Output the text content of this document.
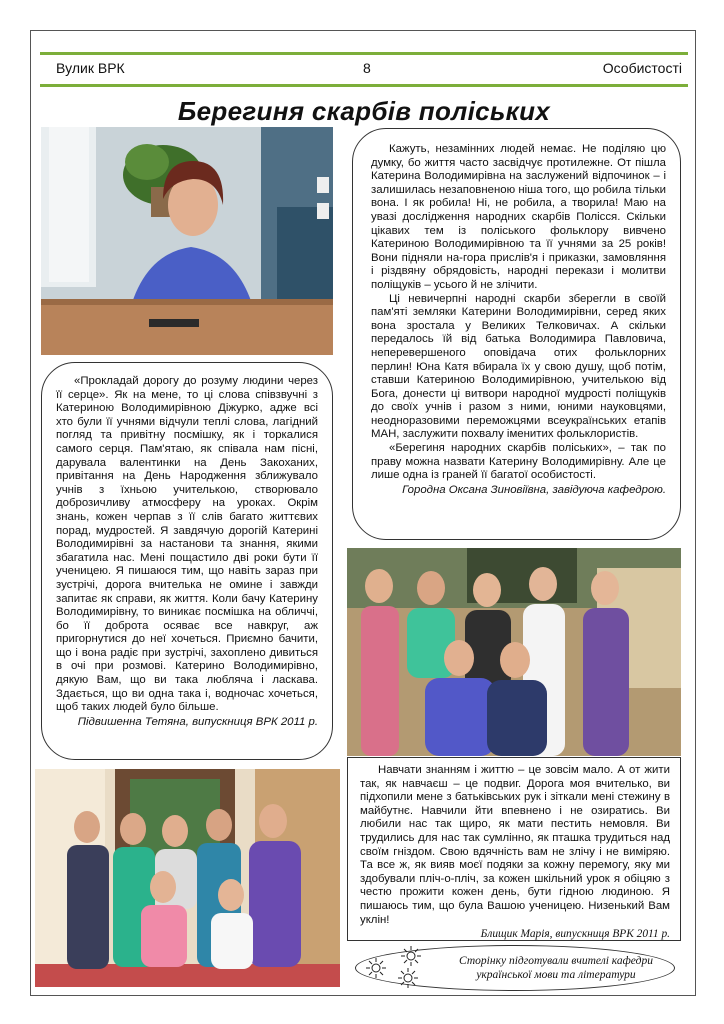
Вулик ВРК	8	Особистості
Берегиня скарбів поліських

«Прокладай дорогу до розуму людини через її серце». Як на мене, то ці слова співзвучні з Катериною Володимирівною Діжурко, адже всі хто були її учнями відчули теплі слова, лагідний погляд та привітну посмішку, як і торкалися самого серця. Пам'ятаю, як співала нам пісні, дарувала валентинки на День Закоханих, привітання на День Народження зближувало учнів з їхньою учителькою, створювало доброзичливу атмосферу на уроках. Окрім знань, кожен черпав з її слів багато життєвих порад, мудростей. Я завдячую дорогій Катерині Володимирівні за настанови та знання, якими збагатила нас. Мені пощастило дві роки бути її ученицею. Я пишаюся тим, що навіть зараз при зустрічі, дорога вчителька не омине і завжди запитає як справи, як життя. Коли бачу Катерину Володимирівну, то виникає посмішка на обличчі, бо її доброта осяває все навкруг, аж пригорнутися до неї хочеться. Приємно бачити, що і вона радіє при зустрічі, захоплено дивиться в очі при розмові. Катерино Володимирівно, дякую Вам, що ви така любляча і ласкава. Здається, що ви одна така і, водночас хочеться, щоб таких людей було більше.

Підвишенна Тетяна, випускниця ВРК 2011 р.

Кажуть, незамінних людей немає. Не поділяю цю думку, бо життя часто засвідчує протилежне. От пішла Катерина Володимирівна на заслужений відпочинок – і залишилась незаповненою ніша того, що робила тільки вона. І як робила! Ні, не робила, а творила! Маю на увазі дослідження народних скарбів Полісся. Скільки цікавих тем із поліського фольклору вивчено Катериною Володимирівною та її учнями за 25 років! Вони підняли на-гора прислів'я і приказки, замовляння і різдвяну обрядовість, народні перекази і молитви поліщуків – усього й не злічити.

Ці невичерпні народні скарби зберегли в своїй пам'яті земляки Катерини Володимирівни, серед яких вона зростала у Великих Телковичах. А скільки передалось їй від батька Володимира Павловича, неперевершеного оповідача отих фольклорних перлин! Юна Катя вбирала їх у свою душу, щоб потім, ставши Катериною Володимирівною, учителькою від Бога, донести ці витвори народної мудрості поліщуків до своїх учнів і разом з ними, юними науковцями, неодноразовими переможцями всеукраїнських етапів МАН, заслужити похвалу іменитих фольклористів.

«Берегиня народних скарбів поліських», – так по праву можна назвати Катерину Володимирівну. Але це лише одна із граней її багатої особистості.

Городна Оксана Зиновіївна, завідуюча кафедрою.

Навчати знанням і життю – це зовсім мало. А от жити так, як навчаєш – це подвиг. Дорога моя вчителько, ви підхопили мене з батьківських рук і зіткали мені стежину в майбутнє. Навчили йти впевнено і не озиратись. Ви любили нас так щиро, як мати пестить немовля. Ви трудились для нас так сумлінно, як пташка трудиться над своїм гніздом. Свою вдячність вам не злічу і не виміряю. Та все ж, як вияв моєї подяки за кожну перемогу, яку ми здобували пліч-о-пліч, за кожен шкільний урок я обіцяю з честю прожити кожен день, бути гідною людиною. Я пишаюсь тим, що була Вашою ученицею. Низенький Вам уклін!

Блищик Марія, випускниця ВРК 2011 р.
Сторінку підготували вчителі кафедри
української мови та літератури
